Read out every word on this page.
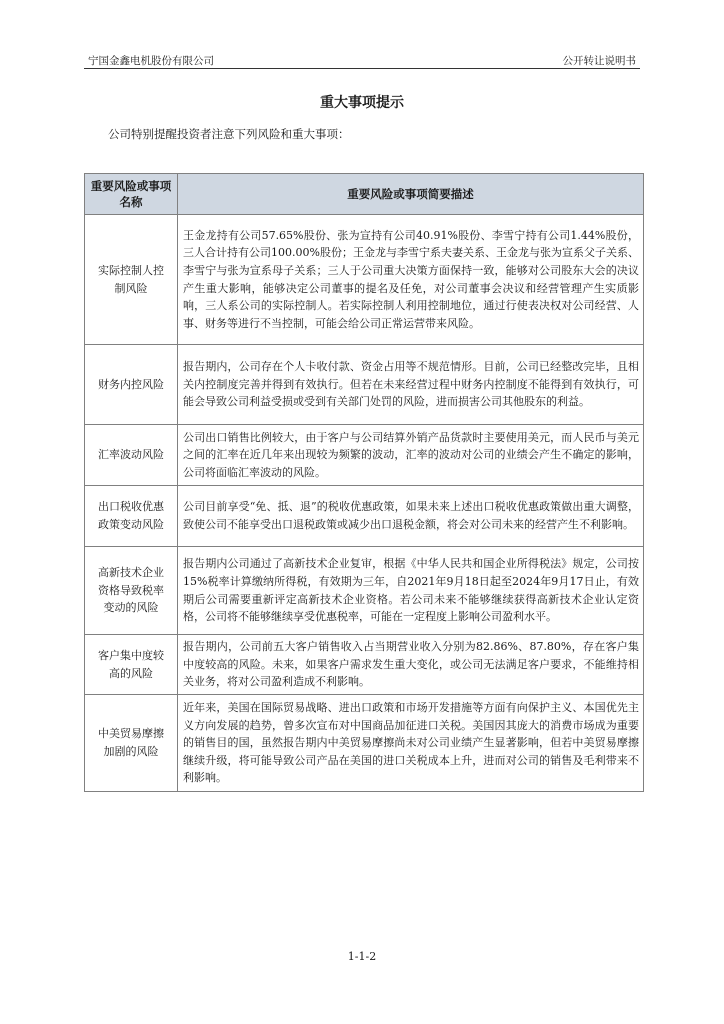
宁国金鑫电机股份有限公司	公开转让说明书
重大事项提示
公司特别提醒投资者注意下列风险和重大事项：
重要风险或事项名称	重要风险或事项简要描述
实际控制人控制风险	王金龙持有公司57.65%股份、张为宣持有公司40.91%股份、李雪宁持有公司1.44%股份，三人合计持有公司100.00%股份；王金龙与李雪宁系夫妻关系、王金龙与张为宣系父子关系、李雪宁与张为宣系母子关系；三人于公司重大决策方面保持一致，能够对公司股东大会的决议产生重大影响，能够决定公司董事的提名及任免，对公司董事会决议和经营管理产生实质影响，三人系公司的实际控制人。若实际控制人利用控制地位，通过行使表决权对公司经营、人事、财务等进行不当控制，可能会给公司正常运营带来风险。
财务内控风险	报告期内，公司存在个人卡收付款、资金占用等不规范情形。目前，公司已经整改完毕，且相关内控制度完善并得到有效执行。但若在未来经营过程中财务内控制度不能得到有效执行，可能会导致公司利益受损或受到有关部门处罚的风险，进而损害公司其他股东的利益。
汇率波动风险	公司出口销售比例较大，由于客户与公司结算外销产品货款时主要使用美元，而人民币与美元之间的汇率在近几年来出现较为频繁的波动，汇率的波动对公司的业绩会产生不确定的影响，公司将面临汇率波动的风险。
出口税收优惠政策变动风险	公司目前享受“免、抵、退”的税收优惠政策，如果未来上述出口税收优惠政策做出重大调整，致使公司不能享受出口退税政策或减少出口退税金额，将会对公司未来的经营产生不利影响。
高新技术企业资格导致税率变动的风险	报告期内公司通过了高新技术企业复审，根据《中华人民共和国企业所得税法》规定，公司按15%税率计算缴纳所得税，有效期为三年，自2021年9月18日起至2024年9月17日止，有效期后公司需要重新评定高新技术企业资格。若公司未来不能够继续获得高新技术企业认定资格，公司将不能够继续享受优惠税率，可能在一定程度上影响公司盈利水平。
客户集中度较高的风险	报告期内，公司前五大客户销售收入占当期营业收入分别为82.86%、87.80%，存在客户集中度较高的风险。未来，如果客户需求发生重大变化，或公司无法满足客户要求，不能维持相关业务，将对公司盈利造成不利影响。
中美贸易摩擦加剧的风险	近年来，美国在国际贸易战略、进出口政策和市场开发措施等方面有向保护主义、本国优先主义方向发展的趋势，曾多次宣布对中国商品加征进口关税。美国因其庞大的消费市场成为重要的销售目的国，虽然报告期内中美贸易摩擦尚未对公司业绩产生显著影响，但若中美贸易摩擦继续升级，将可能导致公司产品在美国的进口关税成本上升，进而对公司的销售及毛利带来不利影响。
1-1-2
